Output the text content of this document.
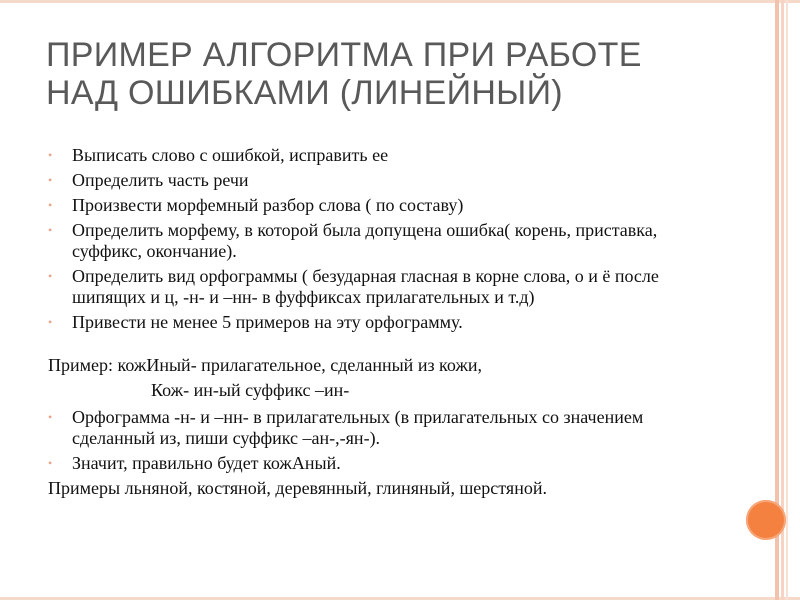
ПРИМЕР АЛГОРИТМА ПРИ РАБОТЕ
НАД ОШИБКАМИ (ЛИНЕЙНЫЙ)
• Выписать слово с ошибкой, исправить ее
• Определить часть речи
• Произвести морфемный разбор слова ( по составу)
• Определить морфему, в которой была допущена ошибка( корень, приставка, суффикс, окончание).
• Определить вид орфограммы ( безударная гласная в корне слова, о и ё после шипящих и ц, -н- и –нн- в фуффиксах прилагательных и т.д)
• Привести не менее 5 примеров на эту орфограмму.

Пример: кожИный- прилагательное, сделанный из кожи,

Кож- ин-ый суффикс –ин-

• Орфограмма -н- и –нн- в прилагательных (в прилагательных со значением сделанный из, пиши суффикс –ан-,-ян-).
• Значит, правильно будет кожАный.

Примеры льняной, костяной, деревянный, глиняный, шерстяной.
